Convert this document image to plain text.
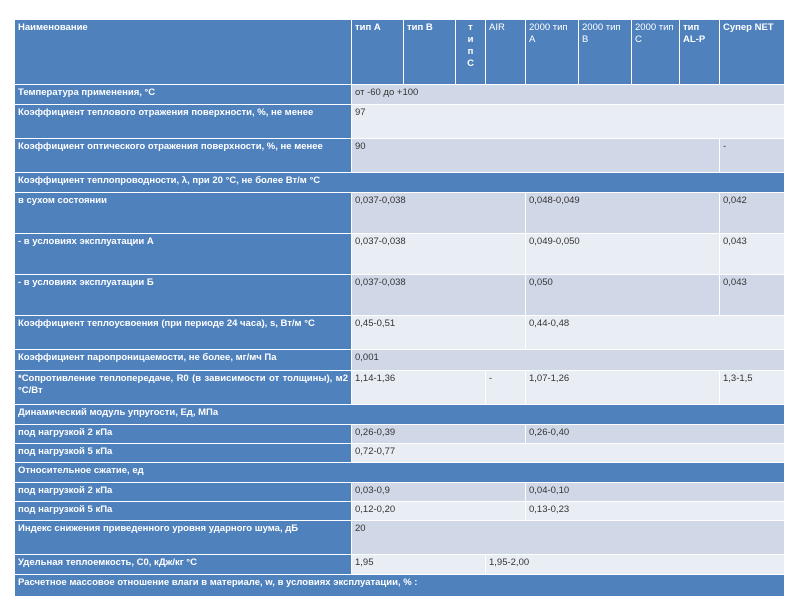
Наименование	тип А	тип В	т и п С	AIR	2000 тип А	2000 тип В	2000 тип С	тип AL-P	Супер NET
Температура применения, °С	от -60 до +100								
Коэффициент теплового отражения поверхности, %, не менее	97								
Коэффициент оптического отражения поверхности, %, не менее	90								-
Коэффициент теплопроводности, λ, при 20 °С, не более Вт/м °С									
в сухом состоянии	0,037-0,038				0,048-0,049				0,042
- в условиях эксплуатации А	0,037-0,038				0,049-0,050				0,043
- в условиях эксплуатации Б	0,037-0,038				0,050				0,043
Коэффициент теплоусвоения (при периоде 24 часа), s, Вт/м °С	0,45-0,51				0,44-0,48				
Коэффициент паропроницаемости, не более, мг/мч Па	0,001								
*Сопротивление теплопередаче, R0 (в зависимости от толщины), м2 °С/Вт	1,14-1,36			-	1,07-1,26				1,3-1,5
Динамический модуль упругости, Ед, МПа									
под нагрузкой 2 кПа	0,26-0,39				0,26-0,40				
под нагрузкой 5 кПа	0,72-0,77								
Относительное сжатие, ед									
под нагрузкой 2 кПа	0,03-0,9				0,04-0,10				
под нагрузкой 5 кПа	0,12-0,20				0,13-0,23				
Индекс снижения приведенного уровня ударного шума, дБ	20								
Удельная теплоемкость, С0, кДж/кг °С	1,95			1,95-2,00					
Расчетное массовое отношение влаги в материале, w, в условиях эксплуатации, % :									
